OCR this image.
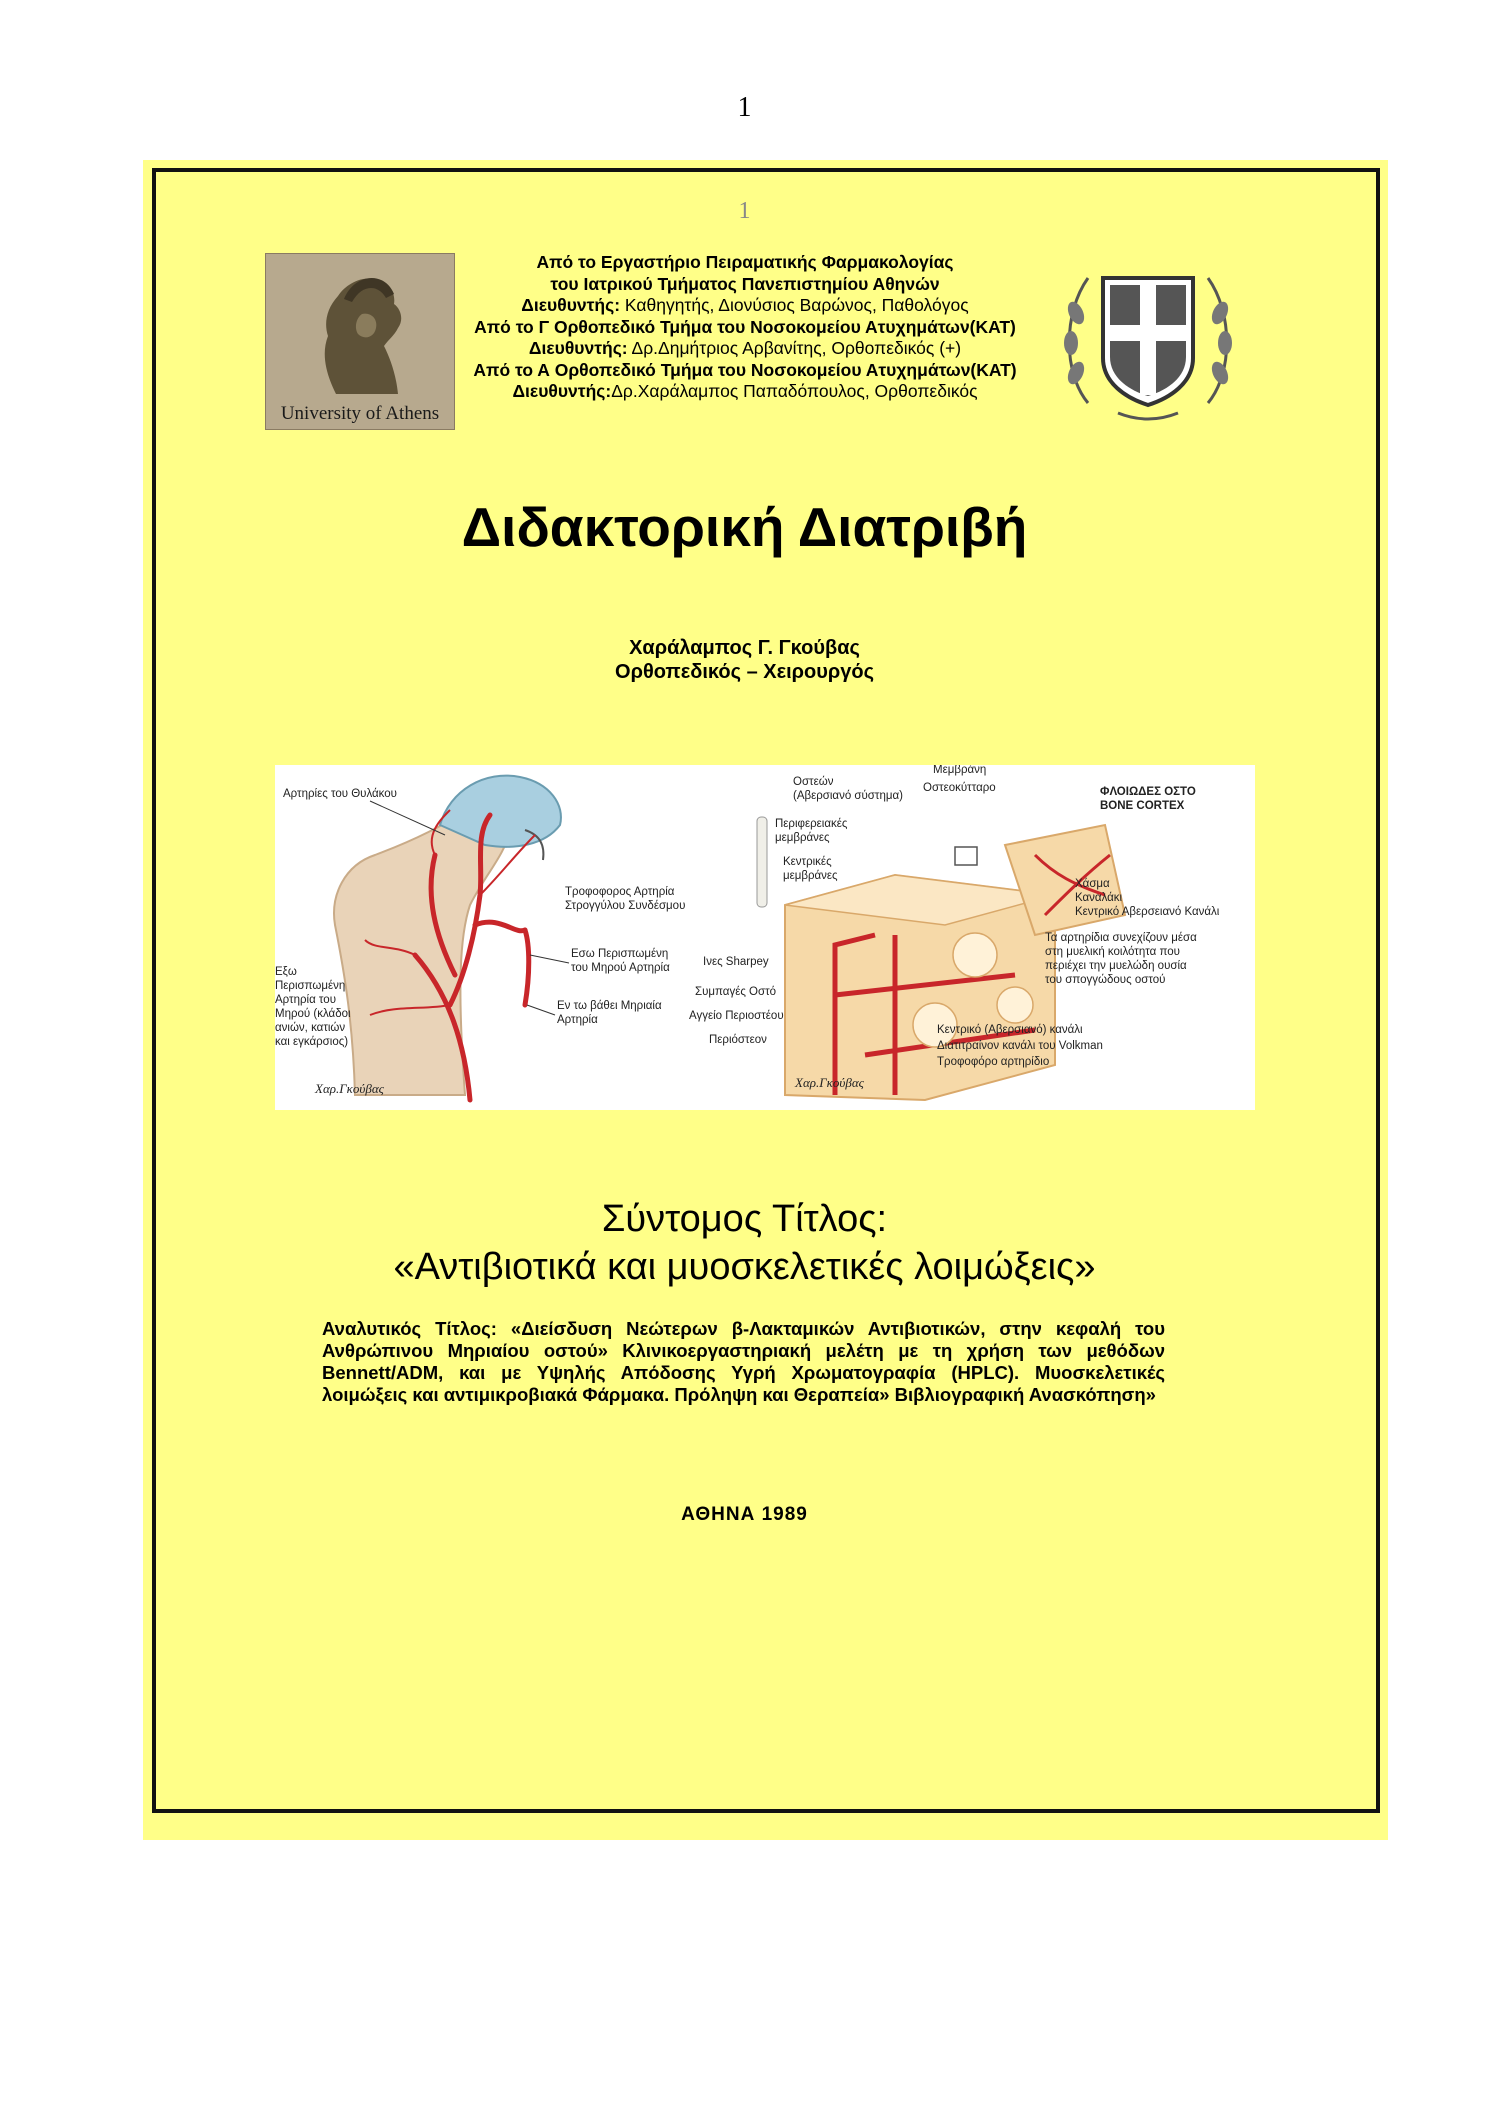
1
1
University of Athens
Από το Εργαστήριο Πειραματικής Φαρμακολογίας
του Ιατρικού Τμήματος Πανεπιστημίου Αθηνών
Διευθυντής: Καθηγητής, Διονύσιος Βαρώνος, Παθολόγος
Από το Γ Ορθοπεδικό Τμήμα του Νοσοκομείου Ατυχημάτων(ΚΑΤ)
Διευθυντής: Δρ.Δημήτριος Αρβανίτης, Ορθοπεδικός (+)
Από το Α Ορθοπεδικό Τμήμα του Νοσοκομείου Ατυχημάτων(ΚΑΤ)
Διευθυντής:Δρ.Χαράλαμπος Παπαδόπουλος, Ορθοπεδικός
Διδακτορική Διατριβή
Χαράλαμπος Γ. Γκούβας
Ορθοπεδικός – Χειρουργός
Αρτηρίες του Θυλάκου
Τροφοφορος Αρτηρία
Στρογγύλου Συνδέσμου
Εσω Περισπωμένη
του Μηρού Αρτηρία
Εν τω βάθει Μηριαία
Αρτηρία
Εξω
Περισπωμένη
Αρτηρία του
Μηρού (κλάδοι
ανιών, κατιών
και εγκάρσιος)
Χαρ.Γκούβας
Οστεών
(Αβερσιανό σύστημα)
Μεμβράνη
Οστεοκύτταρο	ΦΛΟΙΩΔΕΣ ΟΣΤΟ
BONE CORTEX
Περιφερειακές
μεμβράνες
Κεντρικές
μεμβράνες
Χάσμα
Καναλάκι
Κεντρικό Αβερσειανό Κανάλι
Τα αρτηρίδια συνεχίζουν μέσα
στη μυελική κοιλότητα που
περιέχει την μυελώδη ουσία
του σπογγώδους οστού
Ινες Sharpey
Συμπαγές Οστό
Αγγείο Περιοστέου
Περιόστεον
Κεντρικό (Αβερσιανό) κανάλι
Διατιτραίνον κανάλι του Volkman
Τροφοφόρο αρτηρίδιο
Χαρ.Γκούβας
Σύντομος Τίτλος:
«Αντιβιοτικά και μυοσκελετικές λοιμώξεις»
Αναλυτικός Τίτλος: «Διείσδυση Νεώτερων β-Λακταμικών Αντιβιοτικών, στην κεφαλή του Ανθρώπινου Μηριαίου οστού» Κλινικοεργαστηριακή μελέτη με τη χρήση των μεθόδων Bennett/ADM, και με Υψηλής Απόδοσης Υγρή Χρωματογραφία (HPLC). Μυοσκελετικές λοιμώξεις και αντιμικροβιακά Φάρμακα. Πρόληψη και Θεραπεία» Βιβλιογραφική Ανασκόπηση»
ΑΘΗΝΑ 1989
